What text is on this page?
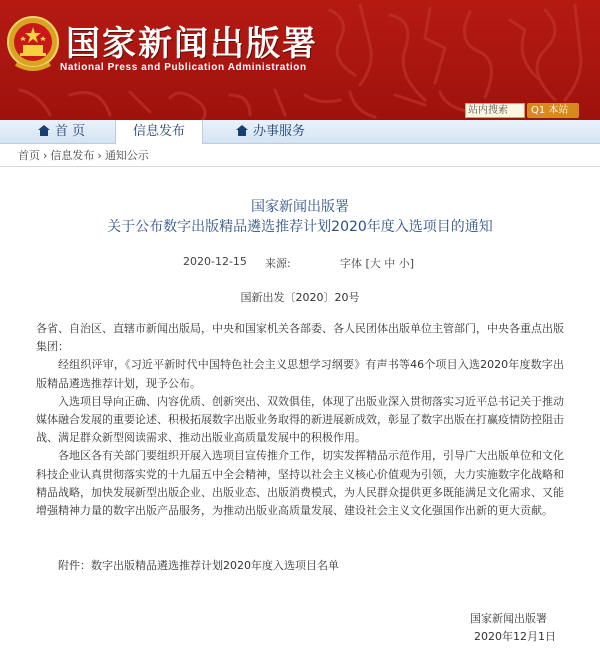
国家新闻出版署
National Press and Publication Administration
站内搜索
Q1 本站
首 页	信息发布	办事服务
首页 › 信息发布 › 通知公示
国家新闻出版署
关于公布数字出版精品遴选推荐计划2020年度入选项目的通知
2020-12-15 来源:	字体 [大 中 小]
国新出发〔2020〕20号

各省、自治区、直辖市新闻出版局，中央和国家机关各部委、各人民团体出版单位主管部门，中央各重点出版集团：

经组织评审，《习近平新时代中国特色社会主义思想学习纲要》有声书等46个项目入选2020年度数字出版精品遴选推荐计划，现予公布。

入选项目导向正确、内容优质、创新突出、双效俱佳，体现了出版业深入贯彻落实习近平总书记关于推动媒体融合发展的重要论述、积极拓展数字出版业务取得的新进展新成效，彰显了数字出版在打赢疫情防控阻击战、满足群众新型阅读需求、推动出版业高质量发展中的积极作用。

各地区各有关部门要组织开展入选项目宣传推介工作，切实发挥精品示范作用，引导广大出版单位和文化科技企业认真贯彻落实党的十九届五中全会精神，坚持以社会主义核心价值观为引领，大力实施数字化战略和精品战略，加快发展新型出版企业、出版业态、出版消费模式，为人民群众提供更多既能满足文化需求、又能增强精神力量的数字出版产品服务，为推动出版业高质量发展、建设社会主义文化强国作出新的更大贡献。

附件：数字出版精品遴选推荐计划2020年度入选项目名单
国家新闻出版署
2020年12月1日
